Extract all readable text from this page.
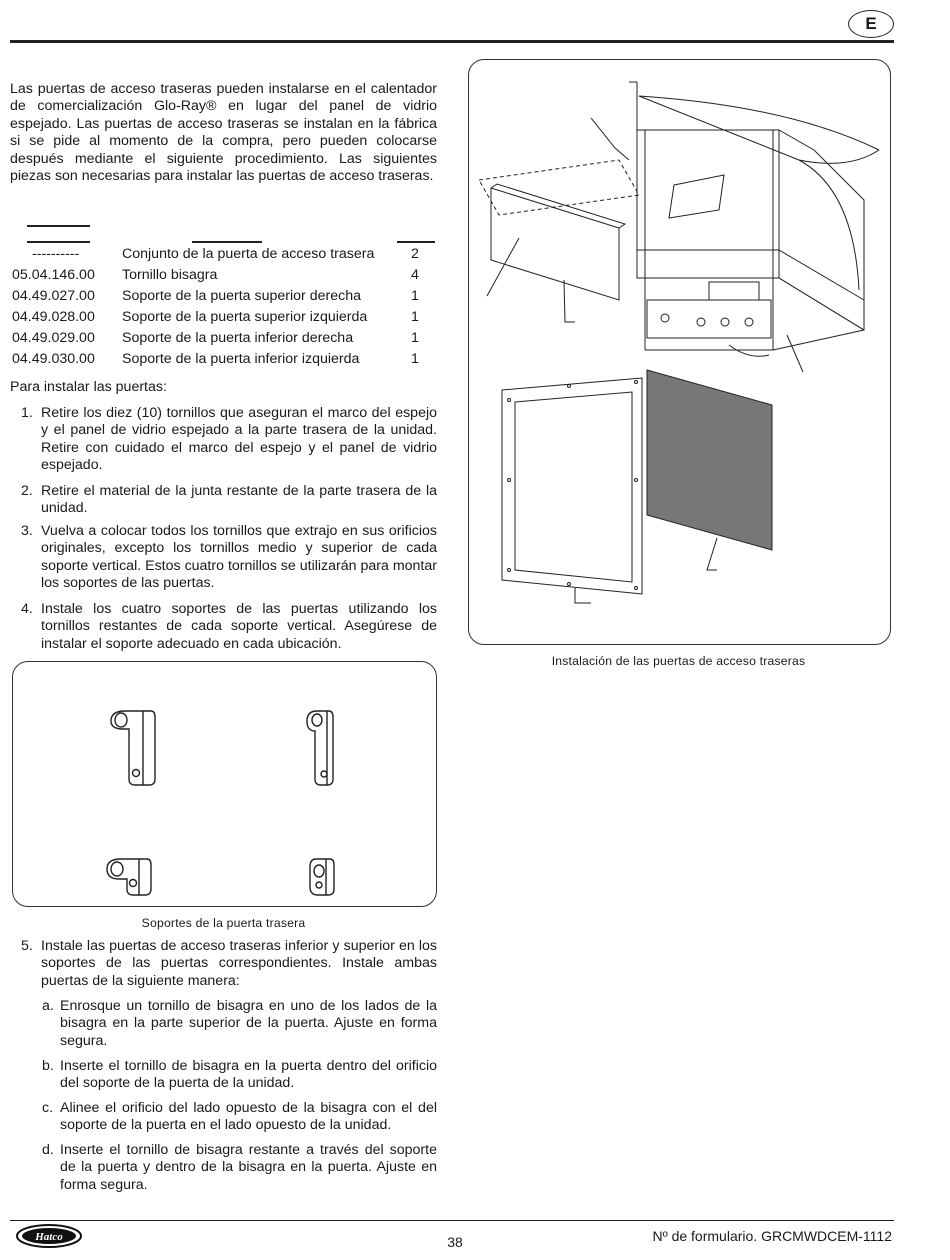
E
Las puertas de acceso traseras pueden instalarse en el calentador de comercialización Glo-Ray® en lugar del panel de vidrio espejado. Las puertas de acceso traseras se instalan en la fábrica si se pide al momento de la compra, pero pueden colocarse después mediante el siguiente procedimiento. Las siguientes piezas son necesarias para instalar las puertas de acceso traseras.
----------	Conjunto de la puerta de acceso trasera	2
05.04.146.00 Tornillo bisagra	4
04.49.027.00 Soporte de la puerta superior derecha	1
04.49.028.00 Soporte de la puerta superior izquierda	1
04.49.029.00 Soporte de la puerta inferior derecha	1
04.49.030.00 Soporte de la puerta inferior izquierda	1
Para instalar las puertas:
1. Retire los diez (10) tornillos que aseguran el marco del espejo y el panel de vidrio espejado a la parte trasera de la unidad. Retire con cuidado el marco del espejo y el panel de vidrio espejado.
2. Retire el material de la junta restante de la parte trasera de la unidad.
3. Vuelva a colocar todos los tornillos que extrajo en sus orificios originales, excepto los tornillos medio y superior de cada soporte vertical. Estos cuatro tornillos se utilizarán para montar los soportes de las puertas.
4. Instale los cuatro soportes de las puertas utilizando los tornillos restantes de cada soporte vertical. Asegúrese de instalar el soporte adecuado en cada ubicación.
Soportes de la puerta trasera
5. Instale las puertas de acceso traseras inferior y superior en los soportes de las puertas correspondientes. Instale ambas puertas de la siguiente manera:
a. Enrosque un tornillo de bisagra en uno de los lados de la bisagra en la parte superior de la puerta. Ajuste en forma segura.
b. Inserte el tornillo de bisagra en la puerta dentro del orificio del soporte de la puerta de la unidad.
c. Alinee el orificio del lado opuesto de la bisagra con el del soporte de la puerta en el lado opuesto de la unidad.
d. Inserte el tornillo de bisagra restante a través del soporte de la puerta y dentro de la bisagra en la puerta. Ajuste en forma segura.
Instalación de las puertas de acceso traseras
Hatco	38	Nº de formulario. GRCMWDCEM-1112
